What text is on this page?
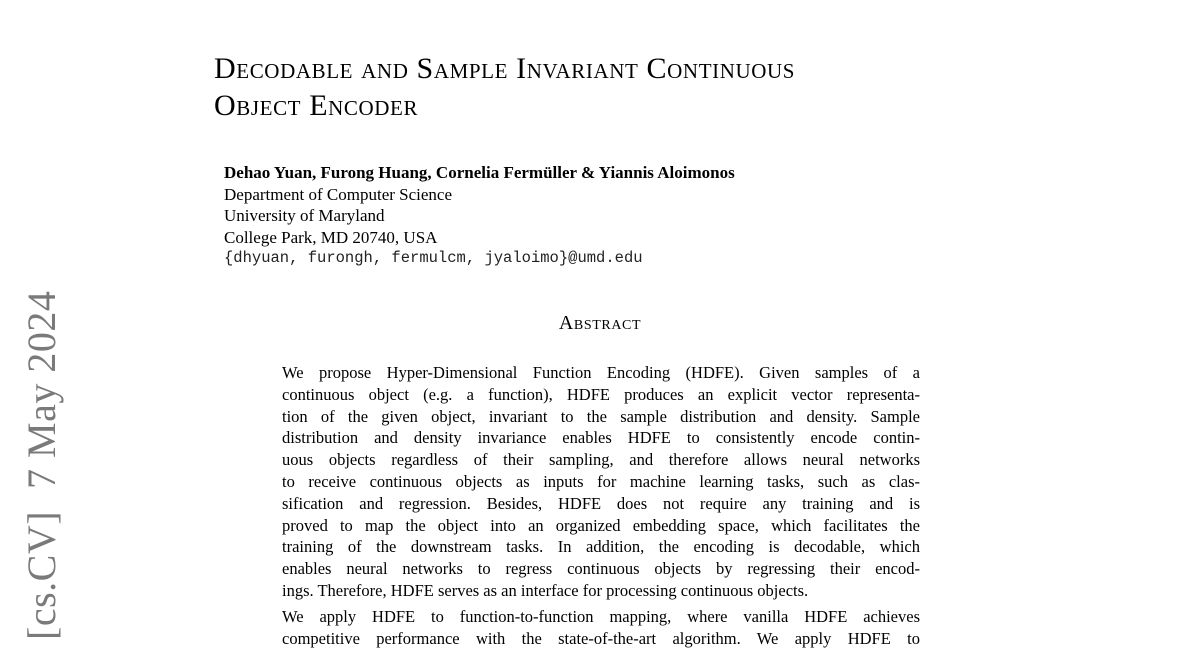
[cs.CV]7 May 2024
Decodable and Sample Invariant Continuous
Object Encoder
Dehao Yuan, Furong Huang, Cornelia Fermüller & Yiannis Aloimonos
Department of Computer Science
University of Maryland
College Park, MD 20740, USA
{dhyuan, furongh, fermulcm, jyaloimo}@umd.edu
Abstract
We propose Hyper-Dimensional Function Encoding (HDFE). Given samples of a
continuous object (e.g. a function), HDFE produces an explicit vector representa-
tion of the given object, invariant to the sample distribution and density. Sample
distribution and density invariance enables HDFE to consistently encode contin-
uous objects regardless of their sampling, and therefore allows neural networks
to receive continuous objects as inputs for machine learning tasks, such as clas-
sification and regression. Besides, HDFE does not require any training and is
proved to map the object into an organized embedding space, which facilitates the
training of the downstream tasks. In addition, the encoding is decodable, which
enables neural networks to regress continuous objects by regressing their encod-
ings. Therefore, HDFE serves as an interface for processing continuous objects.
We apply HDFE to function-to-function mapping, where vanilla HDFE achieves
competitive performance with the state-of-the-art algorithm. We apply HDFE to
